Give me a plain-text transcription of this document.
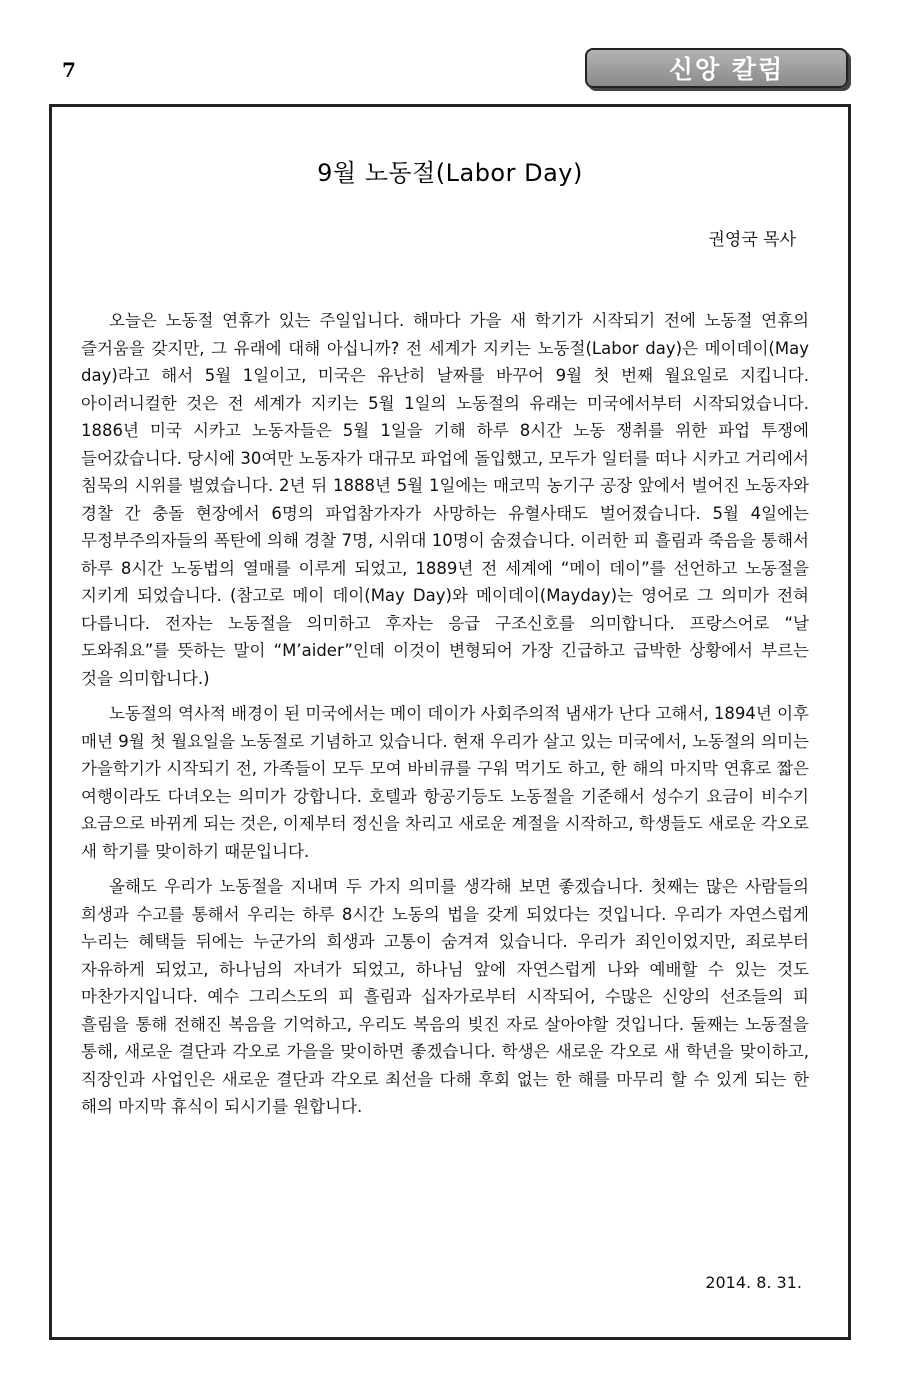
7	신앙 칼럼
9월 노동절(Labor Day)
권영국 목사

오늘은 노동절 연휴가 있는 주일입니다. 해마다 가을 새 학기가 시작되기 전에 노동절 연휴의 즐거움을 갖지만, 그 유래에 대해 아십니까? 전 세계가 지키는 노동절(Labor day)은 메이데이(May day)라고 해서 5월 1일이고, 미국은 유난히 날짜를 바꾸어 9월 첫 번째 월요일로 지킵니다. 아이러니컬한 것은 전 세계가 지키는 5월 1일의 노동절의 유래는 미국에서부터 시작되었습니다. 1886년 미국 시카고 노동자들은 5월 1일을 기해 하루 8시간 노동 쟁취를 위한 파업 투쟁에 들어갔습니다. 당시에 30여만 노동자가 대규모 파업에 돌입했고, 모두가 일터를 떠나 시카고 거리에서 침묵의 시위를 벌였습니다. 2년 뒤 1888년 5월 1일에는 매코믹 농기구 공장 앞에서 벌어진 노동자와 경찰 간 충돌 현장에서 6명의 파업참가자가 사망하는 유혈사태도 벌어졌습니다. 5월 4일에는 무정부주의자들의 폭탄에 의해 경찰 7명, 시위대 10명이 숨졌습니다. 이러한 피 흘림과 죽음을 통해서 하루 8시간 노동법의 열매를 이루게 되었고, 1889년 전 세계에 “메이 데이”를 선언하고 노동절을 지키게 되었습니다. (참고로 메이 데이(May Day)와 메이데이(Mayday)는 영어로 그 의미가 전혀 다릅니다. 전자는 노동절을 의미하고 후자는 응급 구조신호를 의미합니다. 프랑스어로 “날 도와줘요”를 뜻하는 말이 “M’aider”인데 이것이 변형되어 가장 긴급하고 급박한 상황에서 부르는 것을 의미합니다.)

노동절의 역사적 배경이 된 미국에서는 메이 데이가 사회주의적 냄새가 난다 고해서, 1894년 이후 매년 9월 첫 월요일을 노동절로 기념하고 있습니다. 현재 우리가 살고 있는 미국에서, 노동절의 의미는 가을학기가 시작되기 전, 가족들이 모두 모여 바비큐를 구워 먹기도 하고, 한 해의 마지막 연휴로 짧은 여행이라도 다녀오는 의미가 강합니다. 호텔과 항공기등도 노동절을 기준해서 성수기 요금이 비수기 요금으로 바뀌게 되는 것은, 이제부터 정신을 차리고 새로운 계절을 시작하고, 학생들도 새로운 각오로 새 학기를 맞이하기 때문입니다.

올해도 우리가 노동절을 지내며 두 가지 의미를 생각해 보면 좋겠습니다. 첫째는 많은 사람들의 희생과 수고를 통해서 우리는 하루 8시간 노동의 법을 갖게 되었다는 것입니다. 우리가 자연스럽게 누리는 혜택들 뒤에는 누군가의 희생과 고통이 숨겨져 있습니다. 우리가 죄인이었지만, 죄로부터 자유하게 되었고, 하나님의 자녀가 되었고, 하나님 앞에 자연스럽게 나와 예배할 수 있는 것도 마찬가지입니다. 예수 그리스도의 피 흘림과 십자가로부터 시작되어, 수많은 신앙의 선조들의 피 흘림을 통해 전해진 복음을 기억하고, 우리도 복음의 빚진 자로 살아야할 것입니다. 둘째는 노동절을 통해, 새로운 결단과 각오로 가을을 맞이하면 좋겠습니다. 학생은 새로운 각오로 새 학년을 맞이하고, 직장인과 사업인은 새로운 결단과 각오로 최선을 다해 후회 없는 한 해를 마무리 할 수 있게 되는 한 해의 마지막 휴식이 되시기를 원합니다.

2014. 8. 31.
